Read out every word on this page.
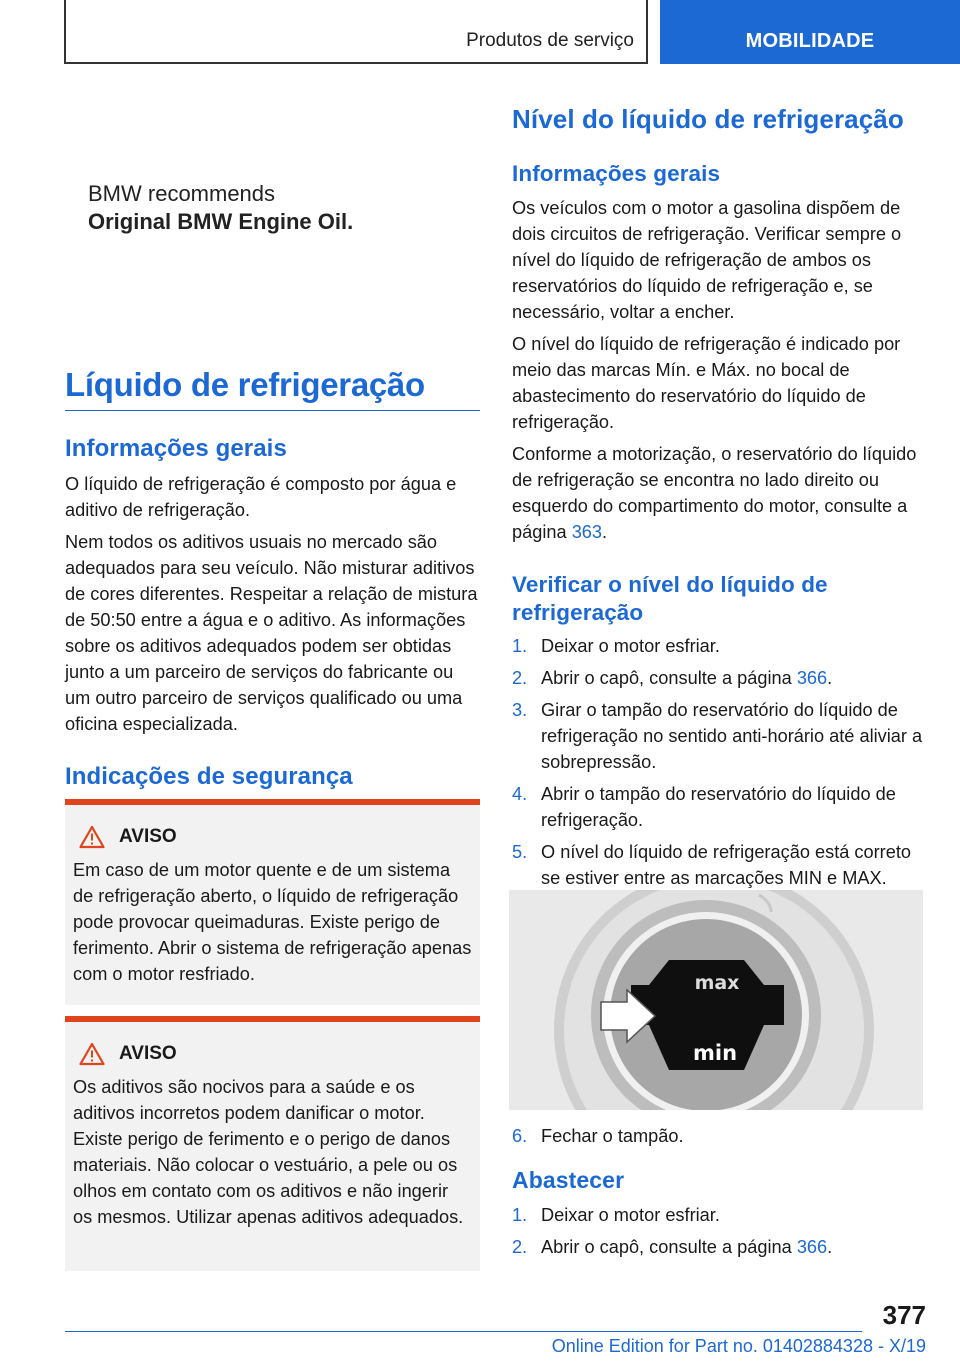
Produtos de serviço	MOBILIDADE
BMW recommends
Original BMW Engine Oil.
Líquido de refrigeração
Informações gerais

O líquido de refrigeração é composto por água e aditivo de refrigeração.

Nem todos os aditivos usuais no mercado são adequados para seu veículo. Não misturar aditivos de cores diferentes. Respeitar a relação de mistura de 50:50 entre a água e o aditivo. As informações sobre os aditivos adequados podem ser obtidas junto a um parceiro de serviços do fabricante ou um outro parceiro de serviços qualificado ou uma oficina especializada.

Indicações de segurança
AVISO

Em caso de um motor quente e de um sistema de refrigeração aberto, o líquido de refrigeração pode provocar queimaduras. Existe perigo de ferimento. Abrir o sistema de refrigeração apenas com o motor resfriado.

AVISO

Os aditivos são nocivos para a saúde e os aditivos incorretos podem danificar o motor. Existe perigo de ferimento e o perigo de danos materiais. Não colocar o vestuário, a pele ou os olhos em contato com os aditivos e não ingerir os mesmos. Utilizar apenas aditivos adequados.

Nível do líquido de refrigeração
Informações gerais

Os veículos com o motor a gasolina dispõem de dois circuitos de refrigeração. Verificar sempre o nível do líquido de refrigeração de ambos os reservatórios do líquido de refrigeração e, se necessário, voltar a encher.

O nível do líquido de refrigeração é indicado por meio das marcas Mín. e Máx. no bocal de abastecimento do reservatório do líquido de refrigeração.

Conforme a motorização, o reservatório do líquido de refrigeração se encontra no lado direito ou esquerdo do compartimento do motor, consulte a página 363.

Verificar o nível do líquido de refrigeração
1. Deixar o motor esfriar.
2. Abrir o capô, consulte a página 366.
3. Girar o tampão do reservatório do líquido de refrigeração no sentido anti-horário até aliviar a sobrepressão.
4. Abrir o tampão do reservatório do líquido de refrigeração.
5. O nível do líquido de refrigeração está correto se estiver entre as marcações MIN e MAX.
max
min
6. Fechar o tampão.
Abastecer
1. Deixar o motor esfriar.
2. Abrir o capô, consulte a página 366.
377
Online Edition for Part no. 01402884328 - X/19
